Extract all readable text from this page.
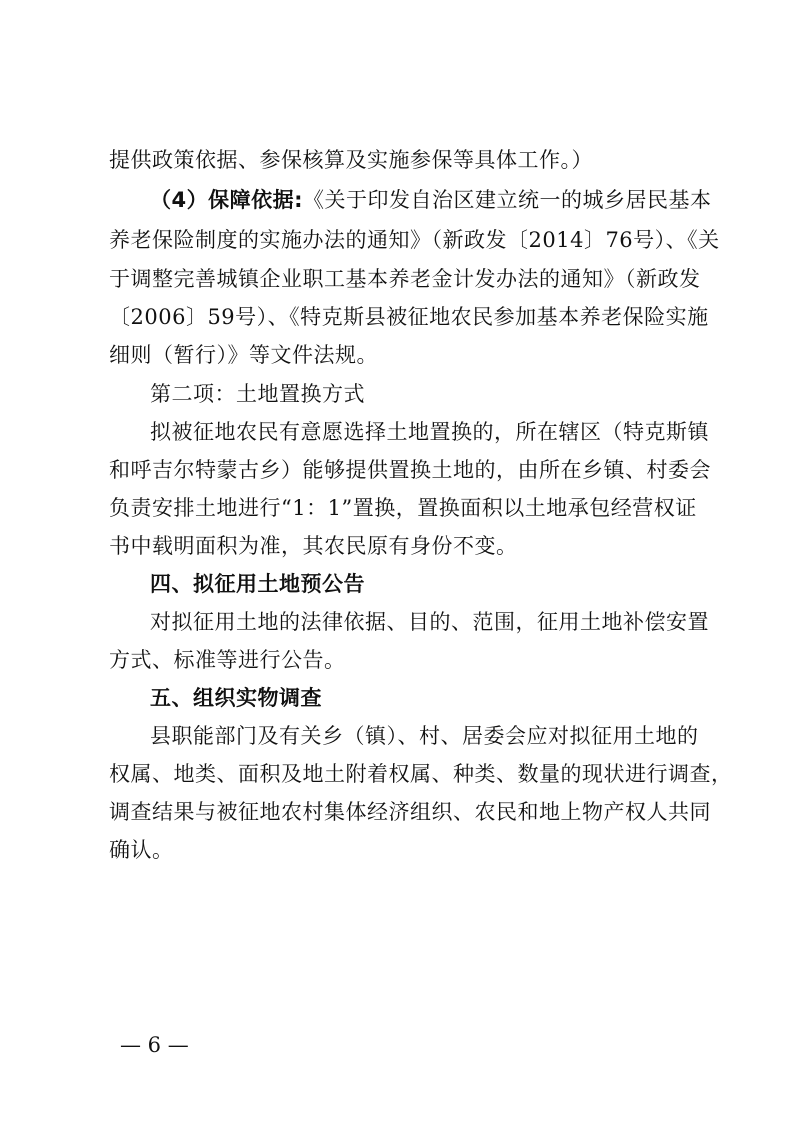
提供政策依据、参保核算及实施参保等具体工作。）
（4）保障依据:《关于印发自治区建立统一的城乡居民基本
养老保险制度的实施办法的通知》（新政发〔2014〕76号）、《关
于调整完善城镇企业职工基本养老金计发办法的通知》（新政发
〔2006〕59号）、《特克斯县被征地农民参加基本养老保险实施
细则（暂行）》等文件法规。
第二项：土地置换方式
拟被征地农民有意愿选择土地置换的，所在辖区（特克斯镇
和呼吉尔特蒙古乡）能够提供置换土地的，由所在乡镇、村委会
负责安排土地进行“1：1”置换，置换面积以土地承包经营权证
书中载明面积为准，其农民原有身份不变。
四、拟征用土地预公告
对拟征用土地的法律依据、目的、范围，征用土地补偿安置
方式、标准等进行公告。
五、组织实物调查
县职能部门及有关乡（镇）、村、居委会应对拟征用土地的
权属、地类、面积及地土附着权属、种类、数量的现状进行调查，
调查结果与被征地农村集体经济组织、农民和地上物产权人共同
确认。
— 6 —
